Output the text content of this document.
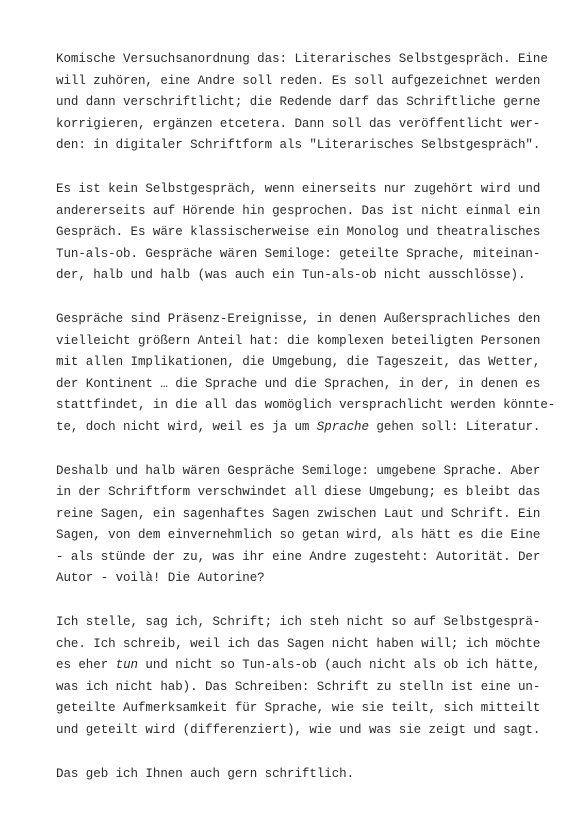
Komische Versuchsanordnung das: Literarisches Selbstgespräch. Eine
will zuhören, eine Andre soll reden. Es soll aufgezeichnet werden
und dann verschriftlicht; die Redende darf das Schriftliche gerne
korrigieren, ergänzen etcetera. Dann soll das veröffentlicht wer-
den: in digitaler Schriftform als "Literarisches Selbstgespräch".
Es ist kein Selbstgespräch, wenn einerseits nur zugehört wird und
andererseits auf Hörende hin gesprochen. Das ist nicht einmal ein
Gespräch. Es wäre klassischerweise ein Monolog und theatralisches
Tun-als-ob. Gespräche wären Semiloge: geteilte Sprache, miteinan-
der, halb und halb (was auch ein Tun-als-ob nicht ausschlösse).
Gespräche sind Präsenz-Ereignisse, in denen Außersprachliches den
vielleicht größern Anteil hat: die komplexen beteiligten Personen
mit allen Implikationen, die Umgebung, die Tageszeit, das Wetter,
der Kontinent … die Sprache und die Sprachen, in der, in denen es
stattfindet, in die all das womöglich versprachlicht werden könnte-
te, doch nicht wird, weil es ja um Sprache gehen soll: Literatur.
Deshalb und halb wären Gespräche Semiloge: umgebene Sprache. Aber
in der Schriftform verschwindet all diese Umgebung; es bleibt das
reine Sagen, ein sagenhaftes Sagen zwischen Laut und Schrift. Ein
Sagen, von dem einvernehmlich so getan wird, als hätt es die Eine
- als stünde der zu, was ihr eine Andre zugesteht: Autorität. Der
Autor - voilà! Die Autorine?
Ich stelle, sag ich, Schrift; ich steh nicht so auf Selbstgesprä-
che. Ich schreib, weil ich das Sagen nicht haben will; ich möchte
es eher tun und nicht so Tun-als-ob (auch nicht als ob ich hätte,
was ich nicht hab). Das Schreiben: Schrift zu stelln ist eine un-
geteilte Aufmerksamkeit für Sprache, wie sie teilt, sich mitteilt
und geteilt wird (differenziert), wie und was sie zeigt und sagt.
Das geb ich Ihnen auch gern schriftlich.
